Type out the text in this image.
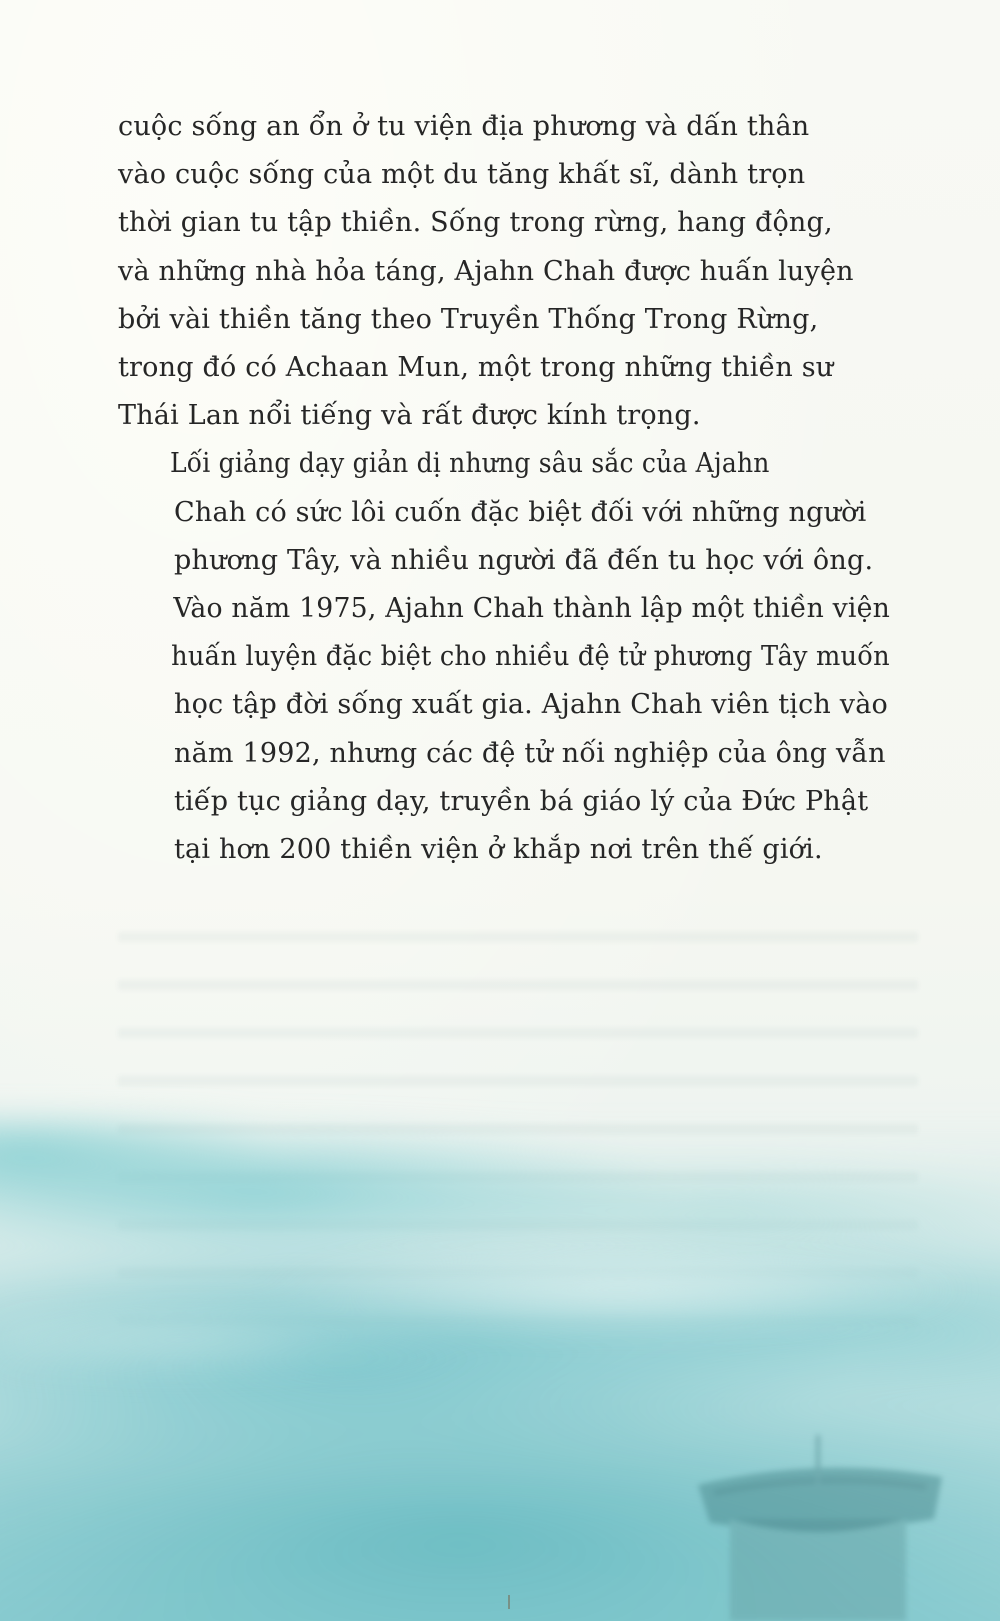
cuộc sống an ổn ở tu viện địa phương và dấn thân
vào cuộc sống của một du tăng khất sĩ, dành trọn
thời gian tu tập thiền. Sống trong rừng, hang động,
và những nhà hỏa táng, Ajahn Chah được huấn luyện
bởi vài thiền tăng theo Truyền Thống Trong Rừng,
trong đó có Achaan Mun, một trong những thiền sư
Thái Lan nổi tiếng và rất được kính trọng.

Lối giảng dạy giản dị nhưng sâu sắc của Ajahn
Chah có sức lôi cuốn đặc biệt đối với những người
phương Tây, và nhiều người đã đến tu học với ông.
Vào năm 1975, Ajahn Chah thành lập một thiền viện
huấn luyện đặc biệt cho nhiều đệ tử phương Tây muốn
học tập đời sống xuất gia. Ajahn Chah viên tịch vào
năm 1992, nhưng các đệ tử nối nghiệp của ông vẫn
tiếp tục giảng dạy, truyền bá giáo lý của Đức Phật
tại hơn 200 thiền viện ở khắp nơi trên thế giới.
